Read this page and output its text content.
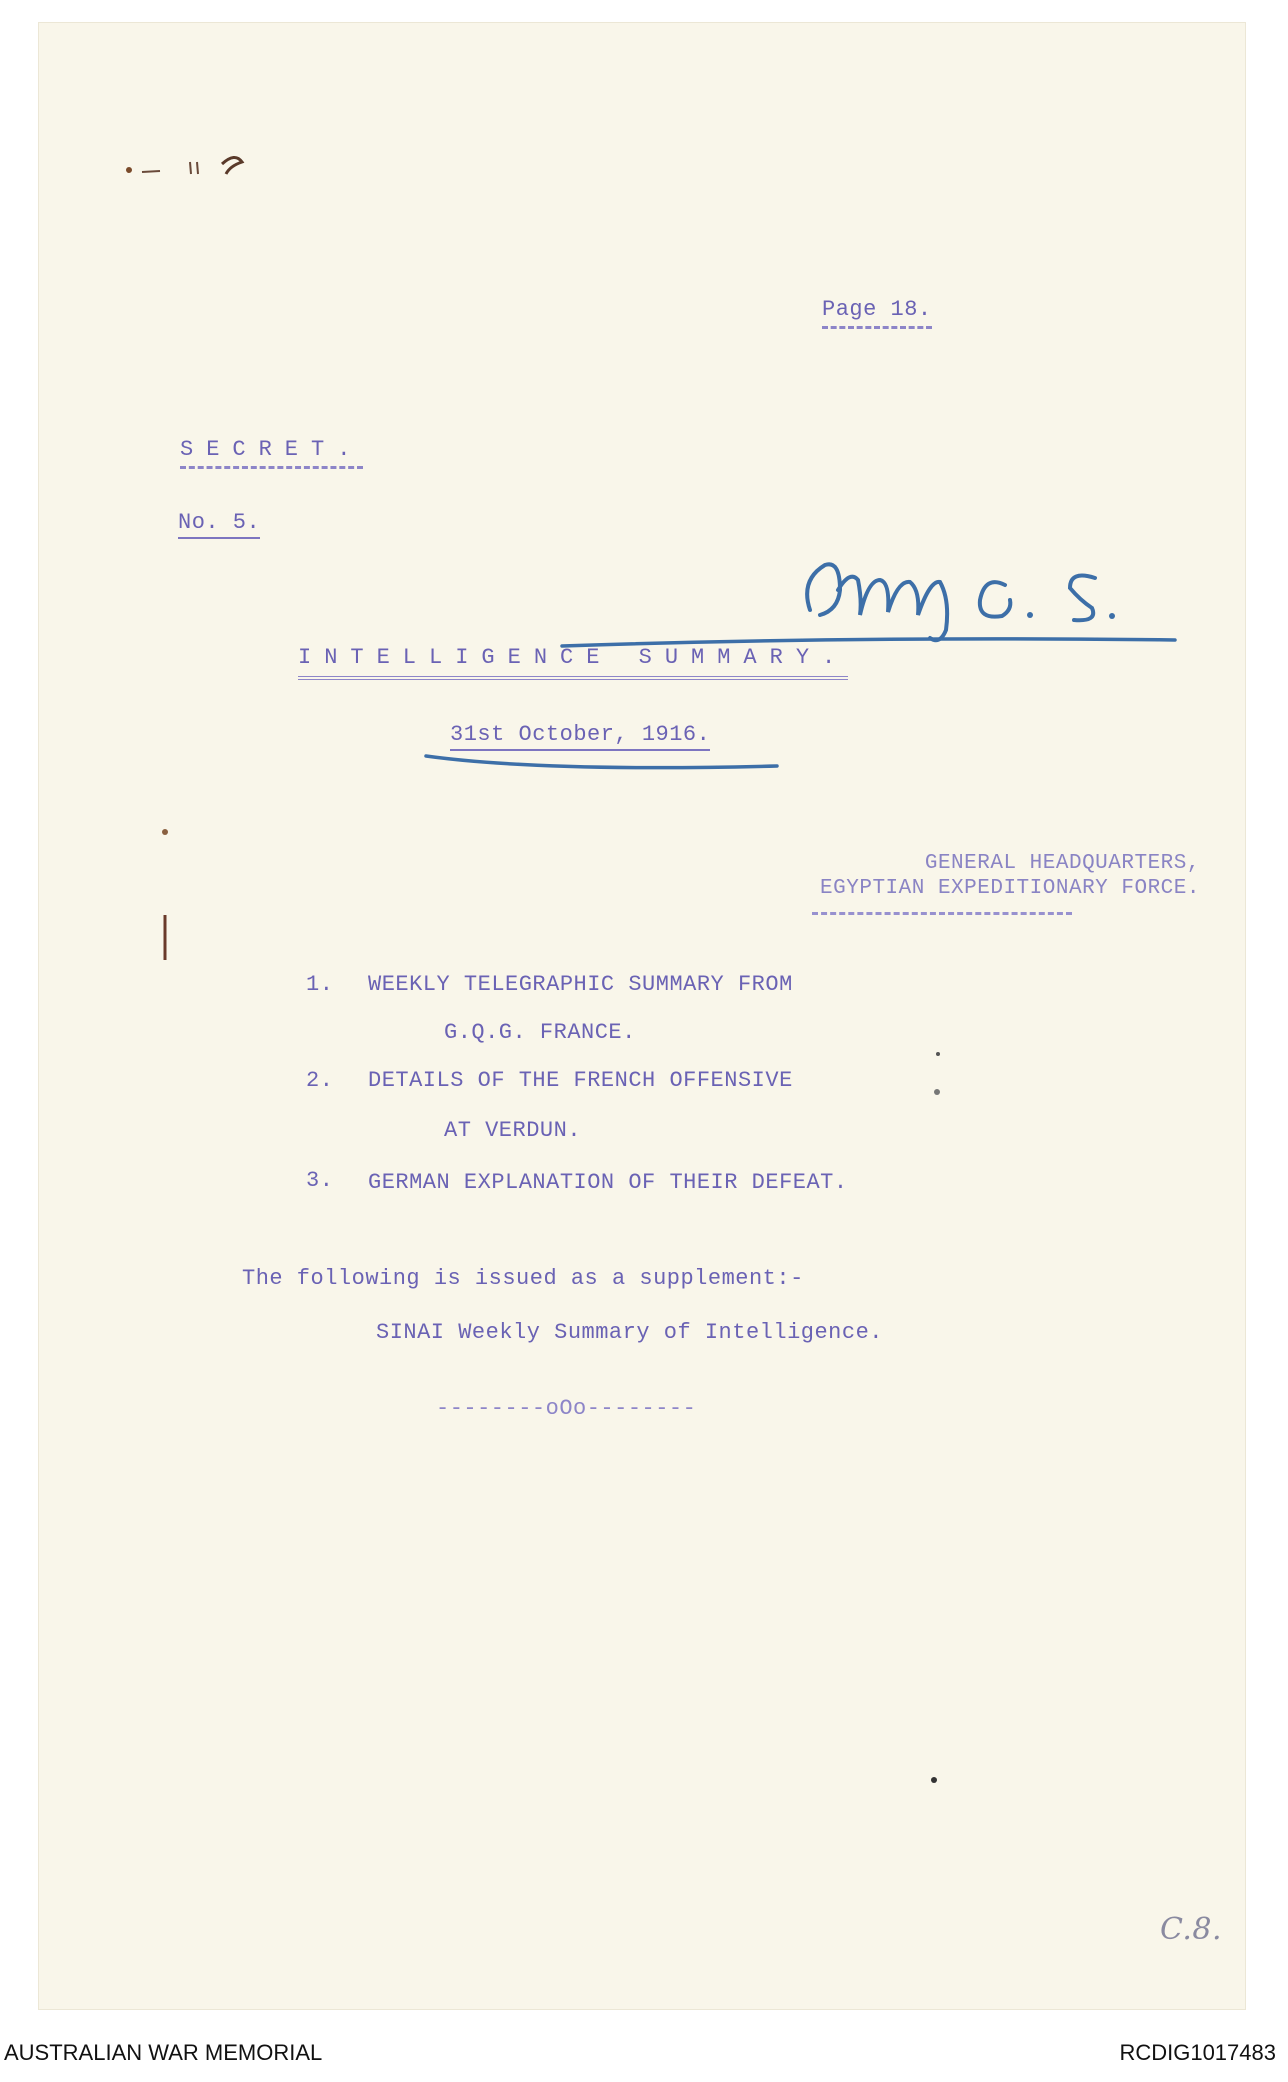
Page 18.
SECRET.
No. 5.
INTELLIGENCE SUMMARY.
31st October, 1916.
GENERAL HEADQUARTERS,
EGYPTIAN EXPEDITIONARY FORCE.
1. WEEKLY TELEGRAPHIC SUMMARY FROM
G.Q.G. FRANCE.
2. DETAILS OF THE FRENCH OFFENSIVE
AT VERDUN.
3. GERMAN EXPLANATION OF THEIR DEFEAT.
The following is issued as a supplement:-
SINAI Weekly Summary of Intelligence.
--------oOo--------
C.8.
AUSTRALIAN WAR MEMORIAL	RCDIG1017483
